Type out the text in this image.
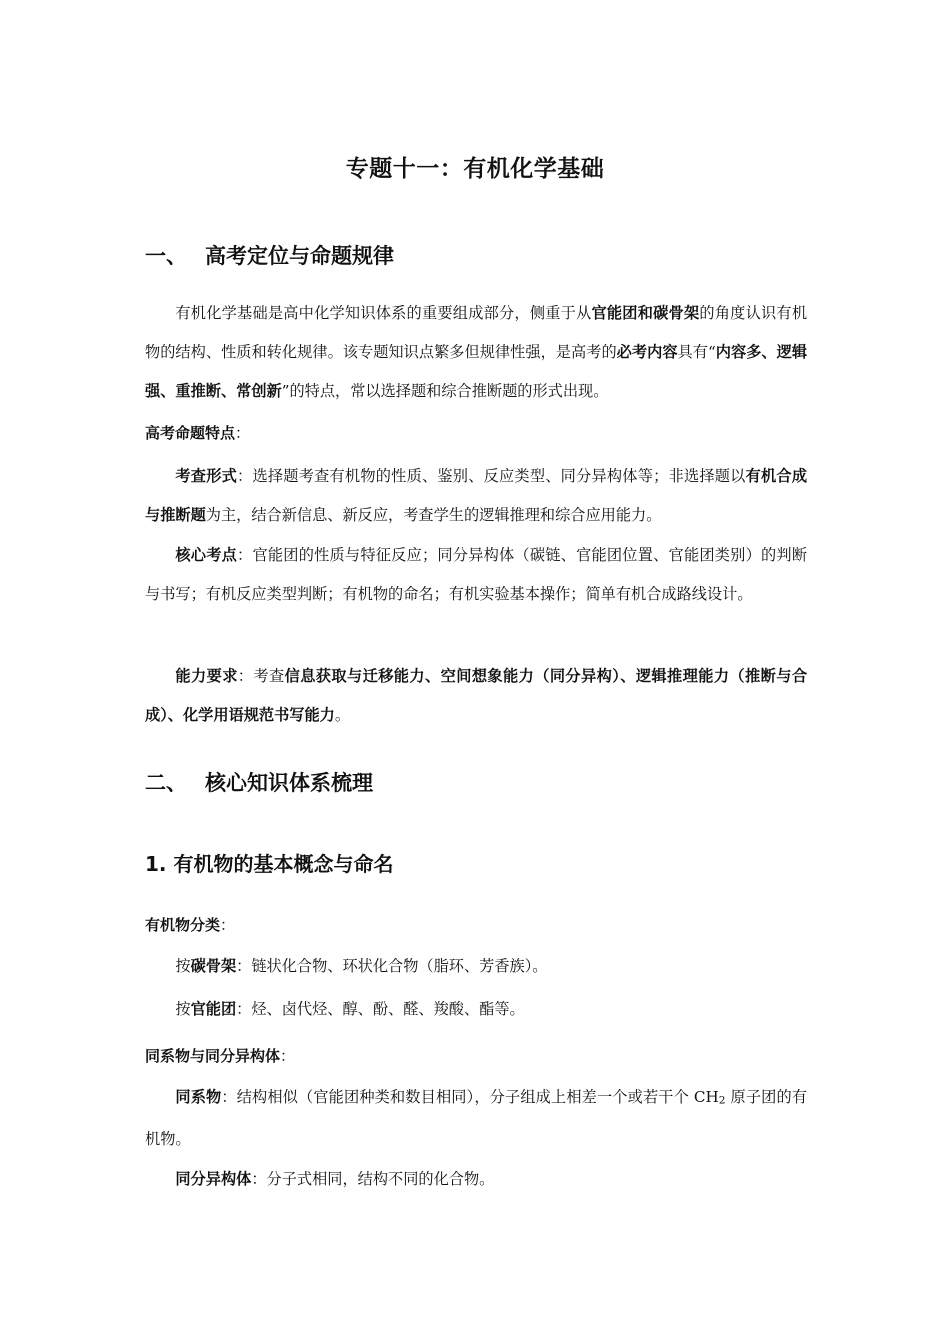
专题十一：有机化学基础
一、 高考定位与命题规律

有机化学基础是高中化学知识体系的重要组成部分，侧重于从官能团和碳骨架的角度认识有机物的结构、性质和转化规律。该专题知识点繁多但规律性强，是高考的必考内容具有“内容多、逻辑强、重推断、常创新”的特点，常以选择题和综合推断题的形式出现。

高考命题特点：

考查形式：选择题考查有机物的性质、鉴别、反应类型、同分异构体等；非选择题以有机合成与推断题为主，结合新信息、新反应，考查学生的逻辑推理和综合应用能力。

核心考点：官能团的性质与特征反应；同分异构体（碳链、官能团位置、官能团类别）的判断与书写；有机反应类型判断；有机物的命名；有机实验基本操作；简单有机合成路线设计。

能力要求：考查信息获取与迁移能力、空间想象能力（同分异构）、逻辑推理能力（推断与合成）、化学用语规范书写能力。

二、 核心知识体系梳理
1. 有机物的基本概念与命名
有机物分类：

按碳骨架：链状化合物、环状化合物（脂环、芳香族）。

按官能团：烃、卤代烃、醇、酚、醛、羧酸、酯等。

同系物与同分异构体：

同系物：结构相似（官能团种类和数目相同），分子组成上相差一个或若干个 $CH_2$ 原子团的有机物。

同分异构体：分子式相同，结构不同的化合物。
